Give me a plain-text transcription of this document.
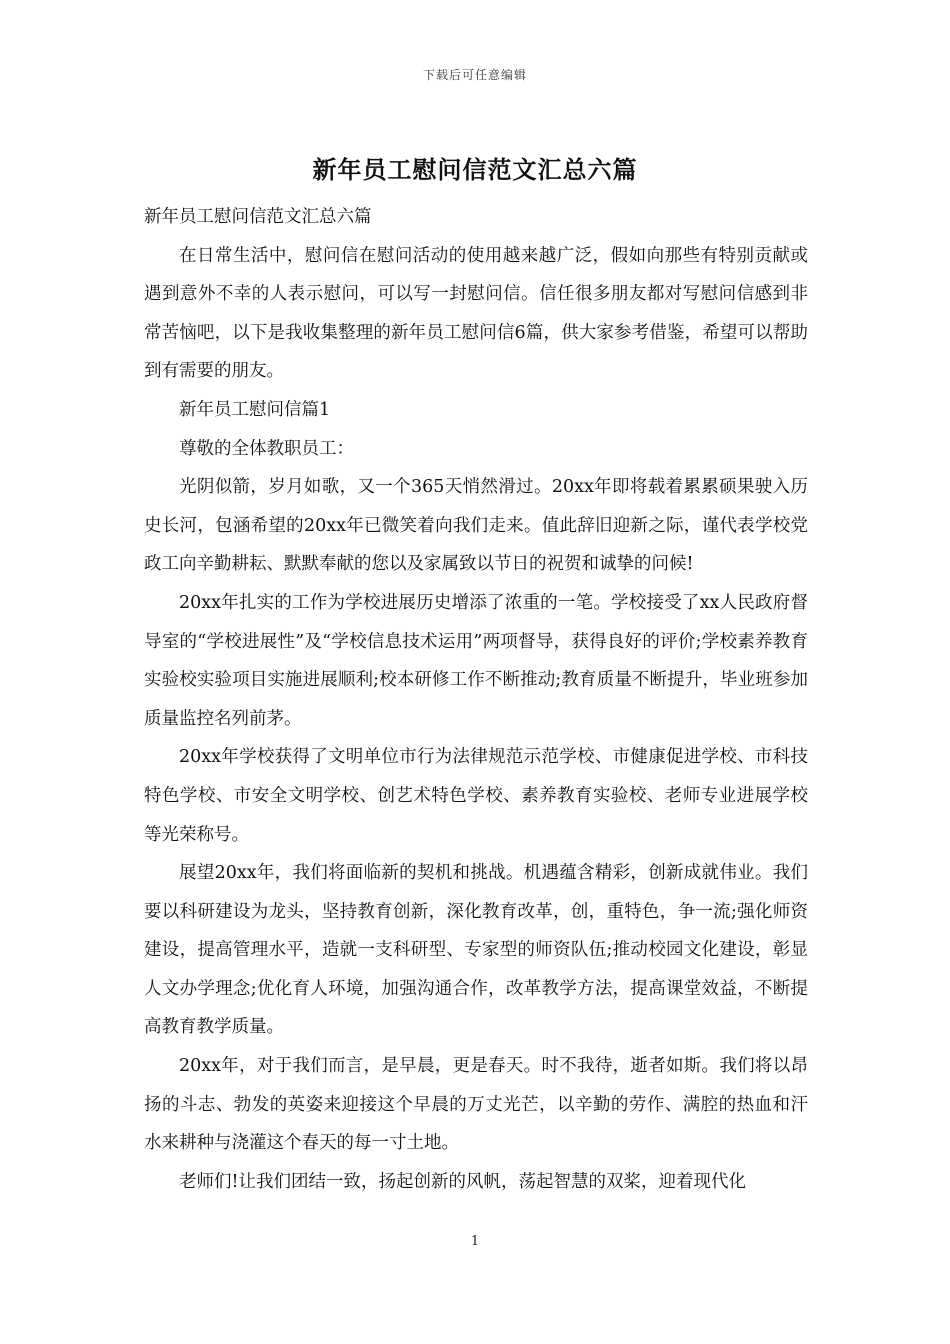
下载后可任意编辑
新年员工慰问信范文汇总六篇

新年员工慰问信范文汇总六篇

在日常生活中，慰问信在慰问活动的使用越来越广泛，假如向那些有特别贡献或遇到意外不幸的人表示慰问，可以写一封慰问信。信任很多朋友都对写慰问信感到非常苦恼吧，以下是我收集整理的新年员工慰问信6篇，供大家参考借鉴，希望可以帮助到有需要的朋友。

新年员工慰问信篇1

尊敬的全体教职员工：

光阴似箭，岁月如歌，又一个365天悄然滑过。20xx年即将载着累累硕果驶入历史长河，包涵希望的20xx年已微笑着向我们走来。值此辞旧迎新之际，谨代表学校党政工向辛勤耕耘、默默奉献的您以及家属致以节日的祝贺和诚挚的问候!

20xx年扎实的工作为学校进展历史增添了浓重的一笔。学校接受了xx人民政府督导室的“学校进展性”及“学校信息技术运用”两项督导，获得良好的评价;学校素养教育实验校实验项目实施进展顺利;校本研修工作不断推动;教育质量不断提升，毕业班参加质量监控名列前茅。

20xx年学校获得了文明单位市行为法律规范示范学校、市健康促进学校、市科技特色学校、市安全文明学校、创艺术特色学校、素养教育实验校、老师专业进展学校等光荣称号。

展望20xx年，我们将面临新的契机和挑战。机遇蕴含精彩，创新成就伟业。我们要以科研建设为龙头，坚持教育创新，深化教育改革，创，重特色，争一流;强化师资建设，提高管理水平，造就一支科研型、专家型的师资队伍;推动校园文化建设，彰显人文办学理念;优化育人环境，加强沟通合作，改革教学方法，提高课堂效益，不断提高教育教学质量。

20xx年，对于我们而言，是早晨，更是春天。时不我待，逝者如斯。我们将以昂扬的斗志、勃发的英姿来迎接这个早晨的万丈光芒，以辛勤的劳作、满腔的热血和汗水来耕种与浇灌这个春天的每一寸土地。

老师们!让我们团结一致，扬起创新的风帆，荡起智慧的双桨，迎着现代化

1
